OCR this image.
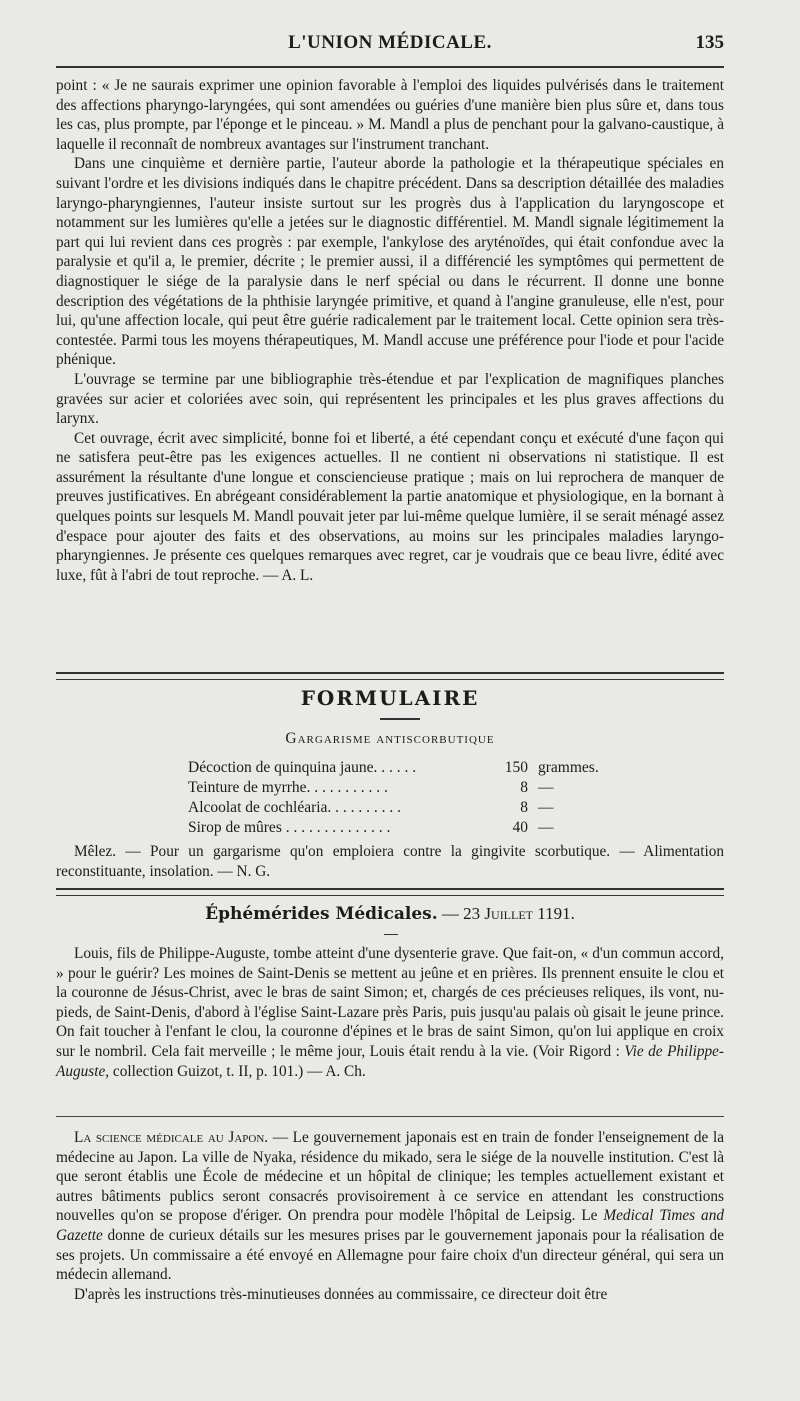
L'UNION MÉDICALE.	135

point : « Je ne saurais exprimer une opinion favorable à l'emploi des liquides pulvérisés dans le traitement des affections pharyngo-laryngées, qui sont amendées ou guéries d'une manière bien plus sûre et, dans tous les cas, plus prompte, par l'éponge et le pinceau. » M. Mandl a plus de penchant pour la galvano-caustique, à laquelle il reconnaît de nombreux avantages sur l'instrument tranchant.

Dans une cinquième et dernière partie, l'auteur aborde la pathologie et la thérapeutique spéciales en suivant l'ordre et les divisions indiqués dans le chapitre précédent. Dans sa description détaillée des maladies laryngo-pharyngiennes, l'auteur insiste surtout sur les progrès dus à l'application du laryngoscope et notamment sur les lumières qu'elle a jetées sur le diagnostic différentiel. M. Mandl signale légitimement la part qui lui revient dans ces progrès : par exemple, l'ankylose des aryténoïdes, qui était confondue avec la paralysie et qu'il a, le premier, décrite ; le premier aussi, il a différencié les symptômes qui permettent de diagnostiquer le siége de la paralysie dans le nerf spécial ou dans le récurrent. Il donne une bonne description des végétations de la phthisie laryngée primitive, et quand à l'angine granuleuse, elle n'est, pour lui, qu'une affection locale, qui peut être guérie radicalement par le traitement local. Cette opinion sera très-contestée. Parmi tous les moyens thérapeutiques, M. Mandl accuse une préférence pour l'iode et pour l'acide phénique.

L'ouvrage se termine par une bibliographie très-étendue et par l'explication de magnifiques planches gravées sur acier et coloriées avec soin, qui représentent les principales et les plus graves affections du larynx.

Cet ouvrage, écrit avec simplicité, bonne foi et liberté, a été cependant conçu et exécuté d'une façon qui ne satisfera peut-être pas les exigences actuelles. Il ne contient ni observations ni statistique. Il est assurément la résultante d'une longue et consciencieuse pratique ; mais on lui reprochera de manquer de preuves justificatives. En abrégeant considérablement la partie anatomique et physiologique, en la bornant à quelques points sur lesquels M. Mandl pouvait jeter par lui-même quelque lumière, il se serait ménagé assez d'espace pour ajouter des faits et des observations, au moins sur les principales maladies laryngo-pharyngiennes. Je présente ces quelques remarques avec regret, car je voudrais que ce beau livre, édité avec luxe, fût à l'abri de tout reproche. — A. L.

FORMULAIRE
Gargarisme antiscorbutique
Décoction de quinquina jaune. . . . . .	150 grammes.
Teinture de myrrhe. . . . . . . . . . .	8 —
Alcoolat de cochléaria. . . . . . . . . .	8 —
Sirop de mûres . . . . . . . . . . . . . .	40 —

Mêlez. — Pour un gargarisme qu'on emploiera contre la gingivite scorbutique. — Alimentation reconstituante, insolation. — N. G.

Éphémérides Médicales. — 23 Juillet 1191.

Louis, fils de Philippe-Auguste, tombe atteint d'une dysenterie grave. Que fait-on, « d'un commun accord, » pour le guérir? Les moines de Saint-Denis se mettent au jeûne et en prières. Ils prennent ensuite le clou et la couronne de Jésus-Christ, avec le bras de saint Simon; et, chargés de ces précieuses reliques, ils vont, nu-pieds, de Saint-Denis, d'abord à l'église Saint-Lazare près Paris, puis jusqu'au palais où gisait le jeune prince. On fait toucher à l'enfant le clou, la couronne d'épines et le bras de saint Simon, qu'on lui applique en croix sur le nombril. Cela fait merveille ; le même jour, Louis était rendu à la vie. (Voir Rigord : Vie de Philippe-Auguste, collection Guizot, t. II, p. 101.) — A. Ch.

La science médicale au Japon. — Le gouvernement japonais est en train de fonder l'enseignement de la médecine au Japon. La ville de Nyaka, résidence du mikado, sera le siége de la nouvelle institution. C'est là que seront établis une École de médecine et un hôpital de clinique; les temples actuellement existant et autres bâtiments publics seront consacrés provisoirement à ce service en attendant les constructions nouvelles qu'on se propose d'ériger. On prendra pour modèle l'hôpital de Leipsig. Le Medical Times and Gazette donne de curieux détails sur les mesures prises par le gouvernement japonais pour la réalisation de ses projets. Un commissaire a été envoyé en Allemagne pour faire choix d'un directeur général, qui sera un médecin allemand.

D'après les instructions très-minutieuses données au commissaire, ce directeur doit être
